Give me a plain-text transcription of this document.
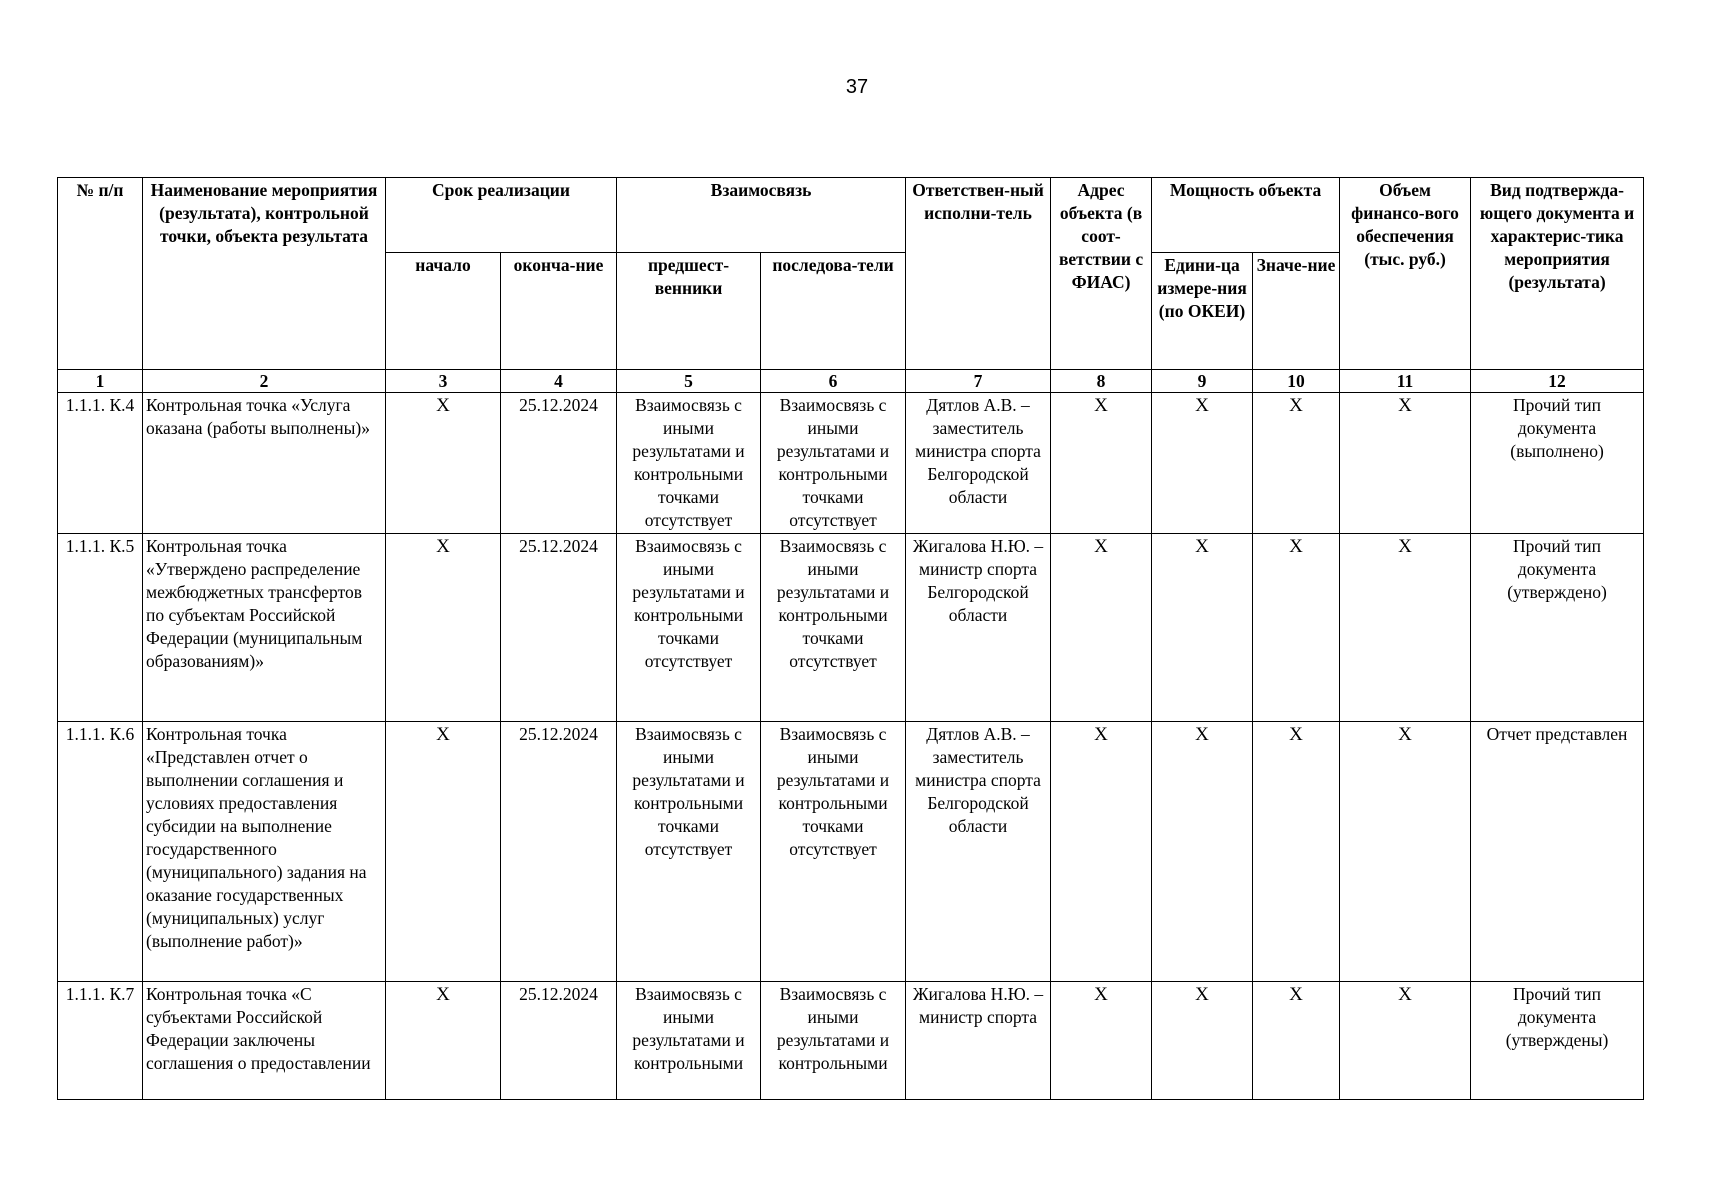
37
№ п/п	Наименование мероприятия (результата), контрольной точки, объекта результата	Срок реализации		Взаимосвязь		Ответствен-ный исполни-тель	Адрес объекта (в соот-ветствии с ФИАС)	Мощность объекта		Объем финансо-вого обеспечения (тыс. руб.)	Вид подтвержда-ющего документа и характерис-тика мероприятия (результата)
		начало	оконча-ние	предшест-венники	последова-тели			Едини-ца измере-ния (по ОКЕИ)	Значе-ние		
1	2	3	4	5	6	7	8	9	10	11	12
1.1.1. К.4	Контрольная точка «Услуга оказана (работы выполнены)»	X	25.12.2024	Взаимосвязь с иными результатами и контрольными точками отсутствует	Взаимосвязь с иными результатами и контрольными точками отсутствует	Дятлов А.В. – заместитель министра спорта Белгородской области	X	X	X	X	Прочий тип документа (выполнено)
1.1.1. К.5	Контрольная точка «Утверждено распределение межбюджетных трансфертов по субъектам Российской Федерации (муниципальным образованиям)»	X	25.12.2024	Взаимосвязь с иными результатами и контрольными точками отсутствует	Взаимосвязь с иными результатами и контрольными точками отсутствует	Жигалова Н.Ю. – министр спорта Белгородской области	X	X	X	X	Прочий тип документа (утверждено)
1.1.1. К.6	Контрольная точка «Представлен отчет о выполнении соглашения и условиях предоставления субсидии на выполнение государственного (муниципального) задания на оказание государственных (муниципальных) услуг (выполнение работ)»	X	25.12.2024	Взаимосвязь с иными результатами и контрольными точками отсутствует	Взаимосвязь с иными результатами и контрольными точками отсутствует	Дятлов А.В. – заместитель министра спорта Белгородской области	X	X	X	X	Отчет представлен
1.1.1. К.7	Контрольная точка «С субъектами Российской Федерации заключены соглашения о предоставлении	X	25.12.2024	Взаимосвязь с иными результатами и контрольными	Взаимосвязь с иными результатами и контрольными	Жигалова Н.Ю. – министр спорта	X	X	X	X	Прочий тип документа (утверждены)
